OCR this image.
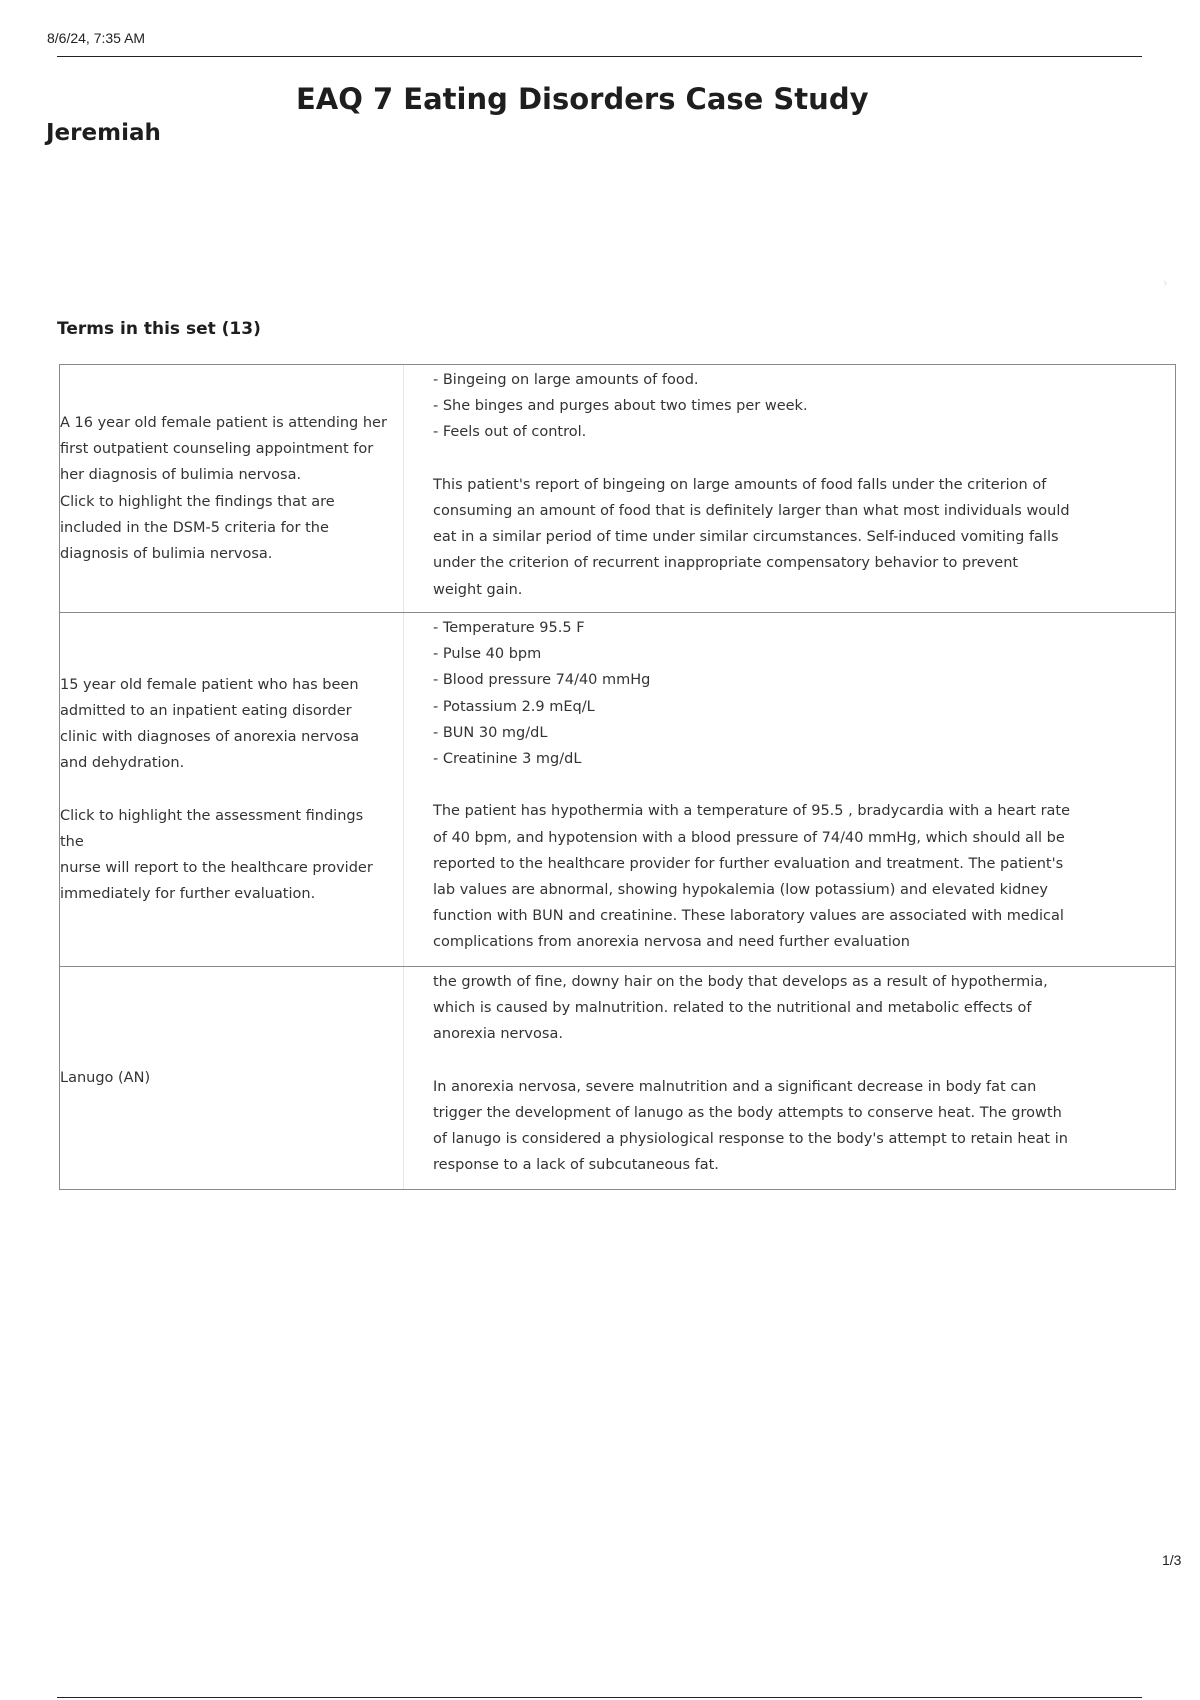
8/6/24, 7:35 AM
EAQ 7 Eating Disorders Case Study
Jeremiah
›
Terms in this set (13)
A 16 year old female patient is attending her
first outpatient counseling appointment for
her diagnosis of bulimia nervosa.
Click to highlight the findings that are
included in the DSM-5 criteria for the
diagnosis of bulimia nervosa.
- Bingeing on large amounts of food.
- She binges and purges about two times per week.
- Feels out of control.

This patient's report of bingeing on large amounts of food falls under the criterion of
consuming an amount of food that is definitely larger than what most individuals would
eat in a similar period of time under similar circumstances. Self-induced vomiting falls
under the criterion of recurrent inappropriate compensatory behavior to prevent
weight gain.
15 year old female patient who has been
admitted to an inpatient eating disorder
clinic with diagnoses of anorexia nervosa
and dehydration.

Click to highlight the assessment findings the
nurse will report to the healthcare provider
immediately for further evaluation.
- Temperature 95.5 F
- Pulse 40 bpm
- Blood pressure 74/40 mmHg
- Potassium 2.9 mEq/L
- BUN 30 mg/dL
- Creatinine 3 mg/dL

The patient has hypothermia with a temperature of 95.5 , bradycardia with a heart rate
of 40 bpm, and hypotension with a blood pressure of 74/40 mmHg, which should all be
reported to the healthcare provider for further evaluation and treatment. The patient's
lab values are abnormal, showing hypokalemia (low potassium) and elevated kidney
function with BUN and creatinine. These laboratory values are associated with medical
complications from anorexia nervosa and need further evaluation
Lanugo (AN)
the growth of fine, downy hair on the body that develops as a result of hypothermia,
which is caused by malnutrition. related to the nutritional and metabolic effects of
anorexia nervosa.

In anorexia nervosa, severe malnutrition and a significant decrease in body fat can
trigger the development of lanugo as the body attempts to conserve heat. The growth
of lanugo is considered a physiological response to the body's attempt to retain heat in
response to a lack of subcutaneous fat.
1/3
